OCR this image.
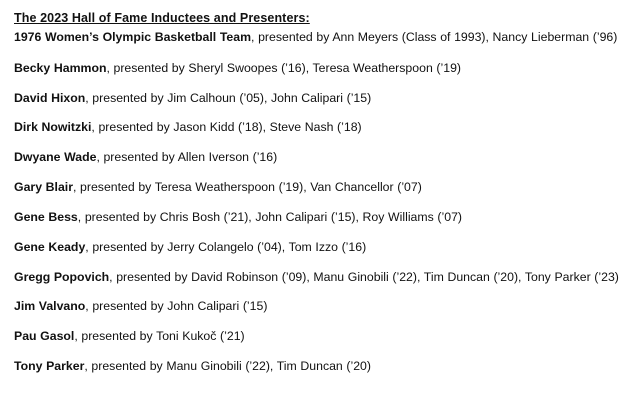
The 2023 Hall of Fame Inductees and Presenters:

1976 Women’s Olympic Basketball Team, presented by Ann Meyers (Class of 1993), Nancy Lieberman (’96)

Becky Hammon, presented by Sheryl Swoopes (’16), Teresa Weatherspoon (’19)

David Hixon, presented by Jim Calhoun (’05), John Calipari (’15)

Dirk Nowitzki, presented by Jason Kidd (’18), Steve Nash (’18)

Dwyane Wade, presented by Allen Iverson (’16)

Gary Blair, presented by Teresa Weatherspoon (’19), Van Chancellor (’07)

Gene Bess, presented by Chris Bosh (’21), John Calipari (’15), Roy Williams (’07)

Gene Keady, presented by Jerry Colangelo (’04), Tom Izzo (’16)

Gregg Popovich, presented by David Robinson (’09), Manu Ginobili (’22), Tim Duncan (’20), Tony Parker (’23)

Jim Valvano, presented by John Calipari (’15)

Pau Gasol, presented by Toni Kukoč (’21)

Tony Parker, presented by Manu Ginobili (’22), Tim Duncan (’20)
